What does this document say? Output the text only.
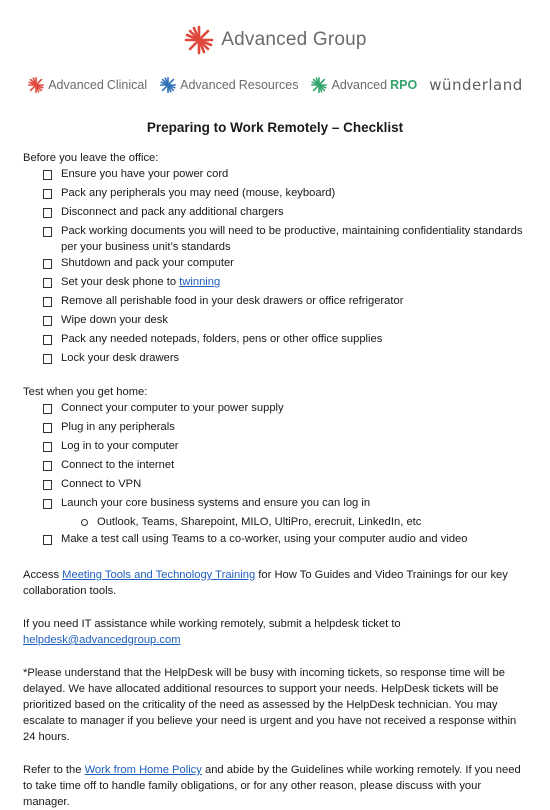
Advanced Group
Advanced Clinical	Advanced Resources	Advanced RPO wünderland
Preparing to Work Remotely – Checklist

Before you leave the office:

Ensure you have your power cord
Pack any peripherals you may need (mouse, keyboard)
Disconnect and pack any additional chargers
Pack working documents you will need to be productive, maintaining confidentiality standards per your business unit’s standards
Shutdown and pack your computer
Set your desk phone to twinning
Remove all perishable food in your desk drawers or office refrigerator
Wipe down your desk
Pack any needed notepads, folders, pens or other office supplies
Lock your desk drawers

Test when you get home:

Connect your computer to your power supply
Plug in any peripherals
Log in to your computer
Connect to the internet
Connect to VPN
Launch your core business systems and ensure you can log in
Outlook, Teams, Sharepoint, MILO, UltiPro, erecruit, LinkedIn, etc
Make a test call using Teams to a co-worker, using your computer audio and video

Access Meeting Tools and Technology Training for How To Guides and Video Trainings for our key collaboration tools.

If you need IT assistance while working remotely, submit a helpdesk ticket to helpdesk@advancedgroup.com

*Please understand that the HelpDesk will be busy with incoming tickets, so response time will be delayed. We have allocated additional resources to support your needs. HelpDesk tickets will be prioritized based on the criticality of the need as assessed by the HelpDesk technician. You may escalate to manager if you believe your need is urgent and you have not received a response within 24 hours.

Refer to the Work from Home Policy and abide by the Guidelines while working remotely. If you need to take time off to handle family obligations, or for any other reason, please discuss with your manager.
